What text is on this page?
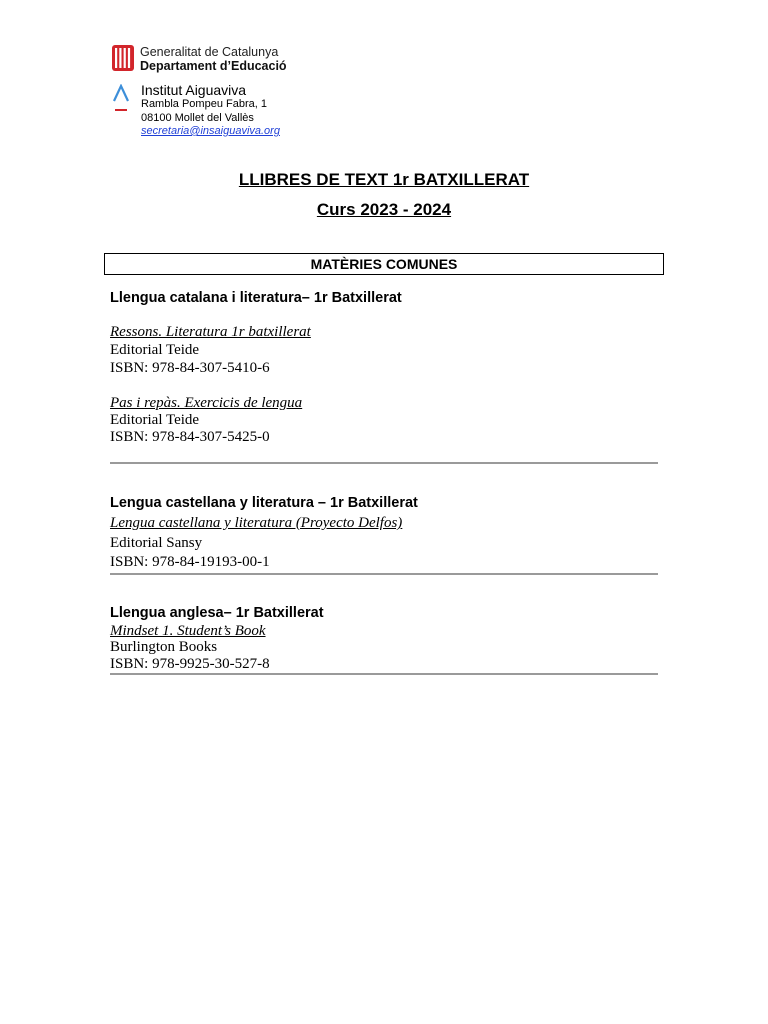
Generalitat de Catalunya
Departament d’Educació
Institut Aiguaviva
Rambla Pompeu Fabra, 1
08100 Mollet del Vallès
secretaria@insaiguaviva.org
LLIBRES DE TEXT 1r BATXILLERAT
Curs 2023 - 2024
MATÈRIES COMUNES
Llengua catalana i literatura– 1r Batxillerat
Ressons. Literatura 1r batxillerat
Editorial Teide
ISBN: 978-84-307-5410-6
Pas i repàs. Exercicis de lengua
Editorial Teide
ISBN: 978-84-307-5425-0
Lengua castellana y literatura – 1r Batxillerat
Lengua castellana y literatura (Proyecto Delfos)
Editorial Sansy
ISBN: 978-84-19193-00-1
Llengua anglesa– 1r Batxillerat
Mindset 1. Student’s Book
Burlington Books
ISBN: 978-9925-30-527-8
